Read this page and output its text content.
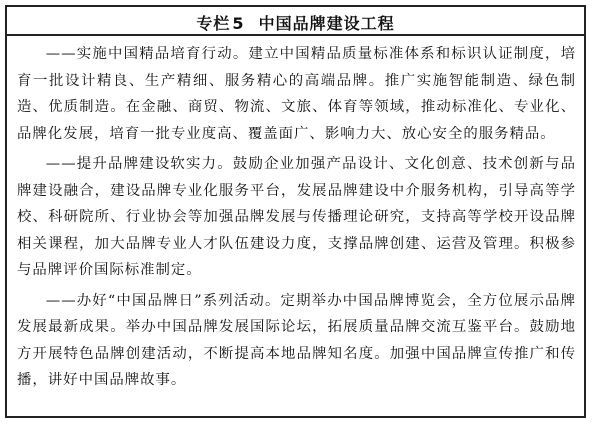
专栏 5 中国品牌建设工程

——实施中国精品培育行动。建立中国精品质量标准体系和标识认证制度，培育一批设计精良、生产精细、服务精心的高端品牌。推广实施智能制造、绿色制造、优质制造。在金融、商贸、物流、文旅、体育等领域，推动标准化、专业化、品牌化发展，培育一批专业度高、覆盖面广、影响力大、放心安全的服务精品。

——提升品牌建设软实力。鼓励企业加强产品设计、文化创意、技术创新与品牌建设融合，建设品牌专业化服务平台，发展品牌建设中介服务机构，引导高等学校、科研院所、行业协会等加强品牌发展与传播理论研究，支持高等学校开设品牌相关课程，加大品牌专业人才队伍建设力度，支撑品牌创建、运营及管理。积极参与品牌评价国际标准制定。

——办好“中国品牌日”系列活动。定期举办中国品牌博览会，全方位展示品牌发展最新成果。举办中国品牌发展国际论坛，拓展质量品牌交流互鉴平台。鼓励地方开展特色品牌创建活动，不断提高本地品牌知名度。加强中国品牌宣传推广和传播，讲好中国品牌故事。
